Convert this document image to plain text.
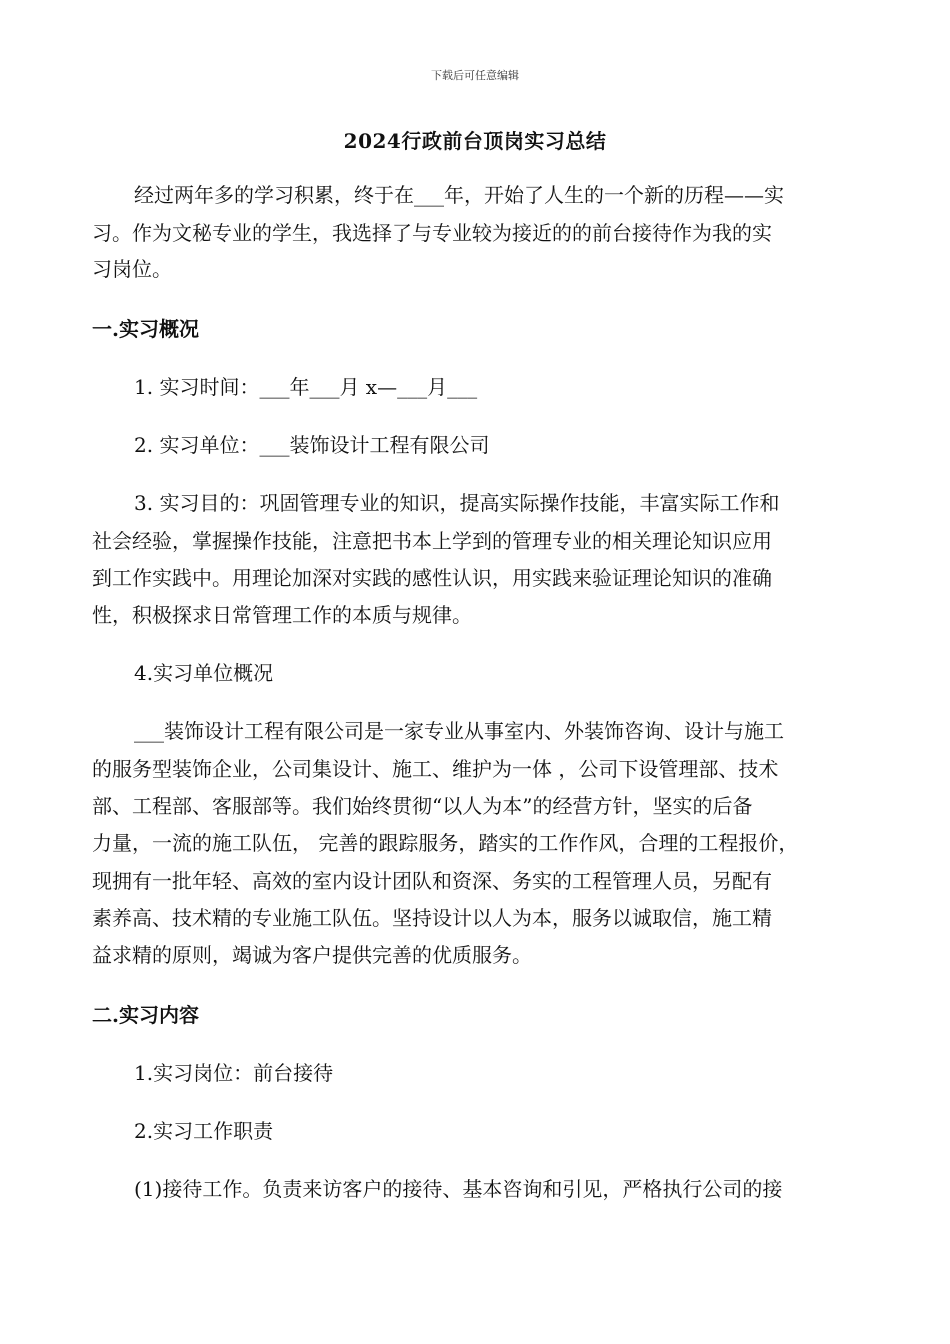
下载后可任意编辑
2024行政前台顶岗实习总结
经过两年多的学习积累，终于在___年，开始了人生的一个新的历程——实
习。作为文秘专业的学生，我选择了与专业较为接近的的前台接待作为我的实
习岗位。
一.实习概况
1. 实习时间：___年___月 x—___月___
2. 实习单位：___装饰设计工程有限公司
3. 实习目的：巩固管理专业的知识，提高实际操作技能，丰富实际工作和
社会经验，掌握操作技能，注意把书本上学到的管理专业的相关理论知识应用
到工作实践中。用理论加深对实践的感性认识，用实践来验证理论知识的准确
性，积极探求日常管理工作的本质与规律。
4.实习单位概况
___装饰设计工程有限公司是一家专业从事室内、外装饰咨询、设计与施工
的服务型装饰企业，公司集设计、施工、维护为一体 ，公司下设管理部、技术
部、工程部、客服部等。我们始终贯彻“以人为本”的经营方针，坚实的后备
力量，一流的施工队伍， 完善的跟踪服务，踏实的工作作风，合理的工程报价，
现拥有一批年轻、高效的室内设计团队和资深、务实的工程管理人员，另配有
素养高、技术精的专业施工队伍。坚持设计以人为本，服务以诚取信，施工精
益求精的原则，竭诚为客户提供完善的优质服务。
二.实习内容
1.实习岗位：前台接待
2.实习工作职责
(1)接待工作。负责来访客户的接待、基本咨询和引见，严格执行公司的接
